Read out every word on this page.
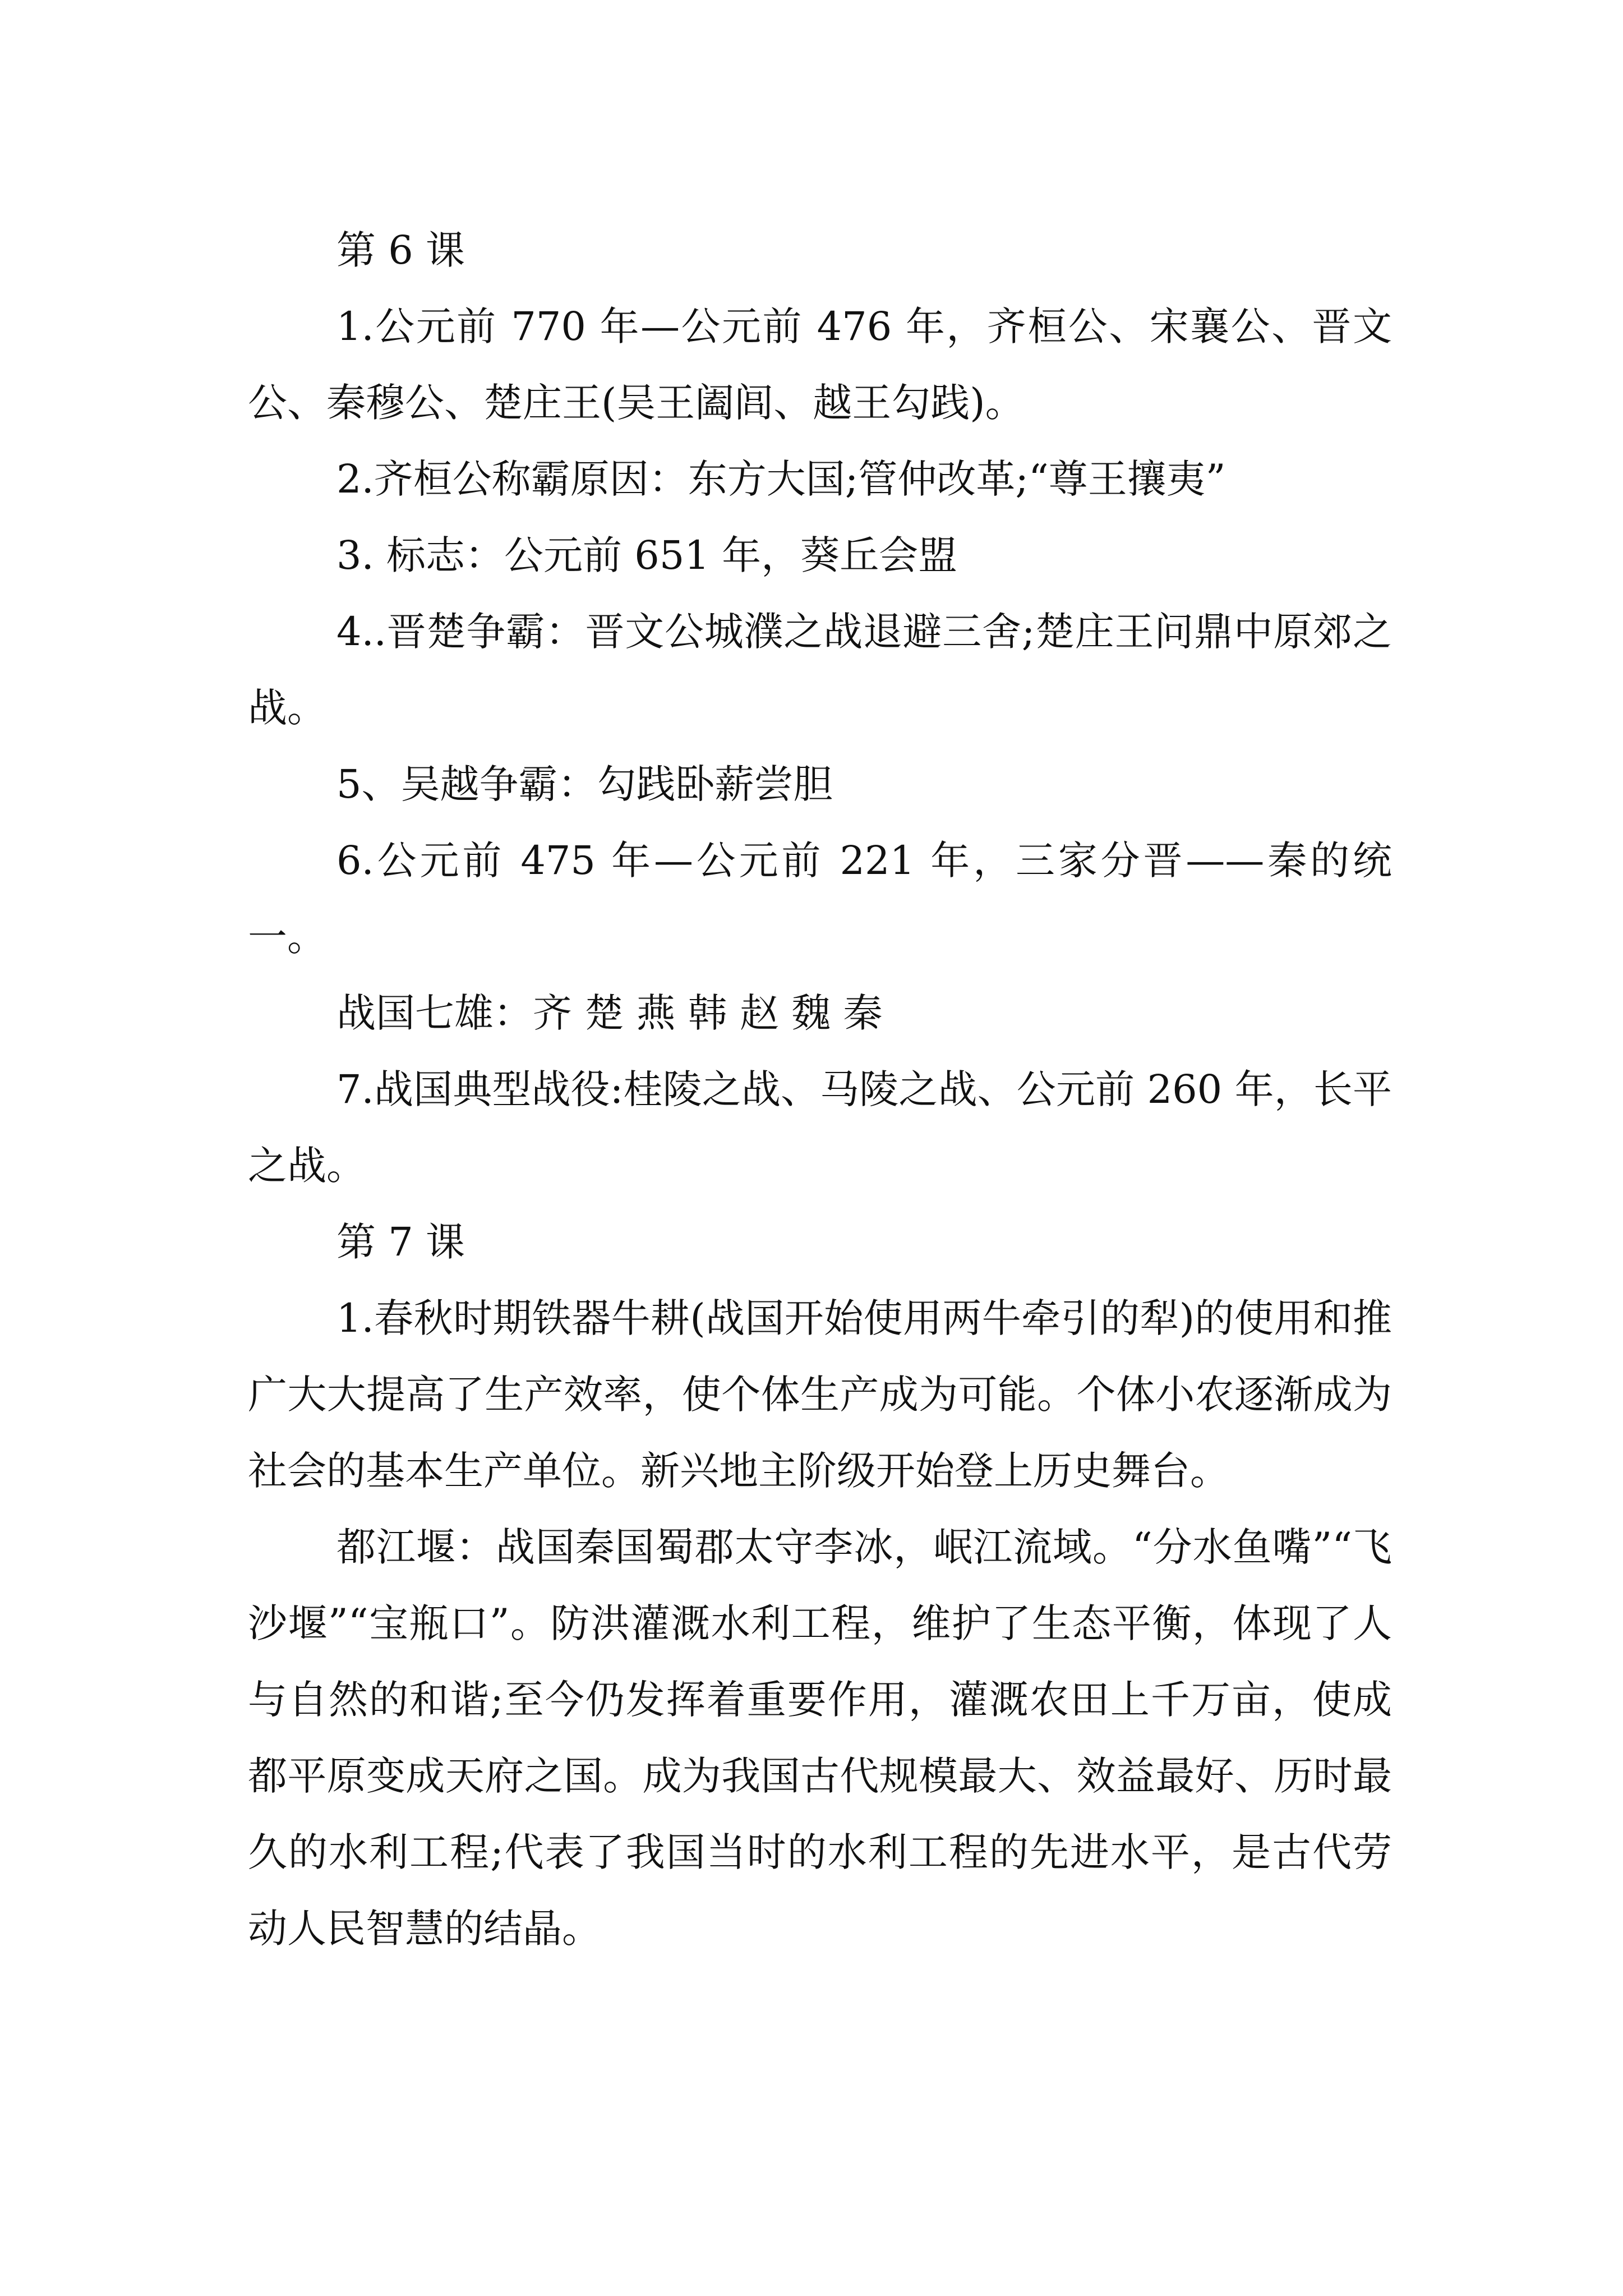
第 6 课

1.公元前 770 年—公元前 476 年，齐桓公、宋襄公、晋文公、秦穆公、楚庄王(吴王阖闾、越王勾践)。

2.齐桓公称霸原因：东方大国;管仲改革;“尊王攘夷”

3. 标志：公元前 651 年，葵丘会盟

4..晋楚争霸：晋文公城濮之战退避三舍;楚庄王问鼎中原郊之战。

5、吴越争霸：勾践卧薪尝胆

6.公元前 475 年—公元前 221 年，三家分晋——秦的统一。

战国七雄：齐 楚 燕 韩 赵 魏 秦

7.战国典型战役:桂陵之战、马陵之战、公元前 260 年，长平之战。

第 7 课

1.春秋时期铁器牛耕(战国开始使用两牛牵引的犁)的使用和推广大大提高了生产效率，使个体生产成为可能。个体小农逐渐成为社会的基本生产单位。新兴地主阶级开始登上历史舞台。

都江堰：战国秦国蜀郡太守李冰，岷江流域。“分水鱼嘴”“飞沙堰”“宝瓶口”。防洪灌溉水利工程，维护了生态平衡，体现了人与自然的和谐;至今仍发挥着重要作用，灌溉农田上千万亩，使成都平原变成天府之国。成为我国古代规模最大、效益最好、历时最久的水利工程;代表了我国当时的水利工程的先进水平，是古代劳动人民智慧的结晶。
